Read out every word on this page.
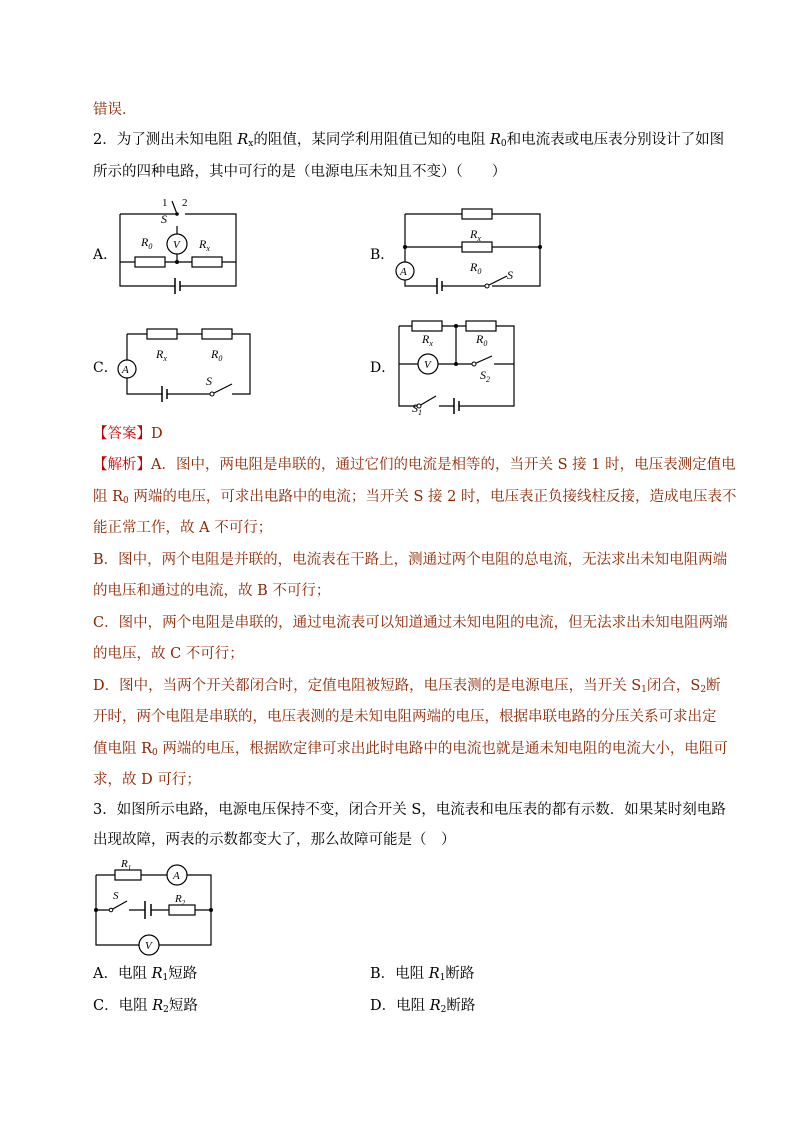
错误．
2．为了测出未知电阻 $R_x$的阻值，某同学利用阻值已知的电阻 $R_0$和电流表或电压表分别设计了如图
所示的四种电路，其中可行的是（电源电压未知且不变）（　　）
A．	B．
C．	D．
1 2
S
V
$R_0$	$R_x$
$R_x$
$R_0$
A	S
$R_x$	$R_0$
A
S
$R_x$	$R_0$
V
$S_2$
$S_1$
【答案】D
【解析】A．图中，两电阻是串联的，通过它们的电流是相等的，当开关 S 接 1 时，电压表测定值电
阻 $R_0$ 两端的电压，可求出电路中的电流；当开关 S 接 2 时，电压表正负接线柱反接，造成电压表不
能正常工作，故 A 不可行；
B．图中，两个电阻是并联的，电流表在干路上，测通过两个电阻的总电流，无法求出未知电阻两端
的电压和通过的电流，故 B 不可行；
C．图中，两个电阻是串联的，通过电流表可以知道通过未知电阻的电流，但无法求出未知电阻两端
的电压，故 C 不可行；
D．图中，当两个开关都闭合时，定值电阻被短路，电压表测的是电源电压，当开关 $S_1$闭合，$S_2$断
开时，两个电阻是串联的，电压表测的是未知电阻两端的电压，根据串联电路的分压关系可求出定
值电阻 $R_0$ 两端的电压，根据欧定律可求出此时电路中的电流也就是通未知电阻的电流大小，电阻可
求，故 D 可行；
3．如图所示电路，电源电压保持不变，闭合开关 S，电流表和电压表的都有示数．如果某时刻电路
出现故障，两表的示数都变大了，那么故障可能是（　）
$R_1$
A
S	$R_2$
V
A．电阻 $R_1$短路	B．电阻 $R_1$断路
C．电阻 $R_2$短路	D．电阻 $R_2$断路
